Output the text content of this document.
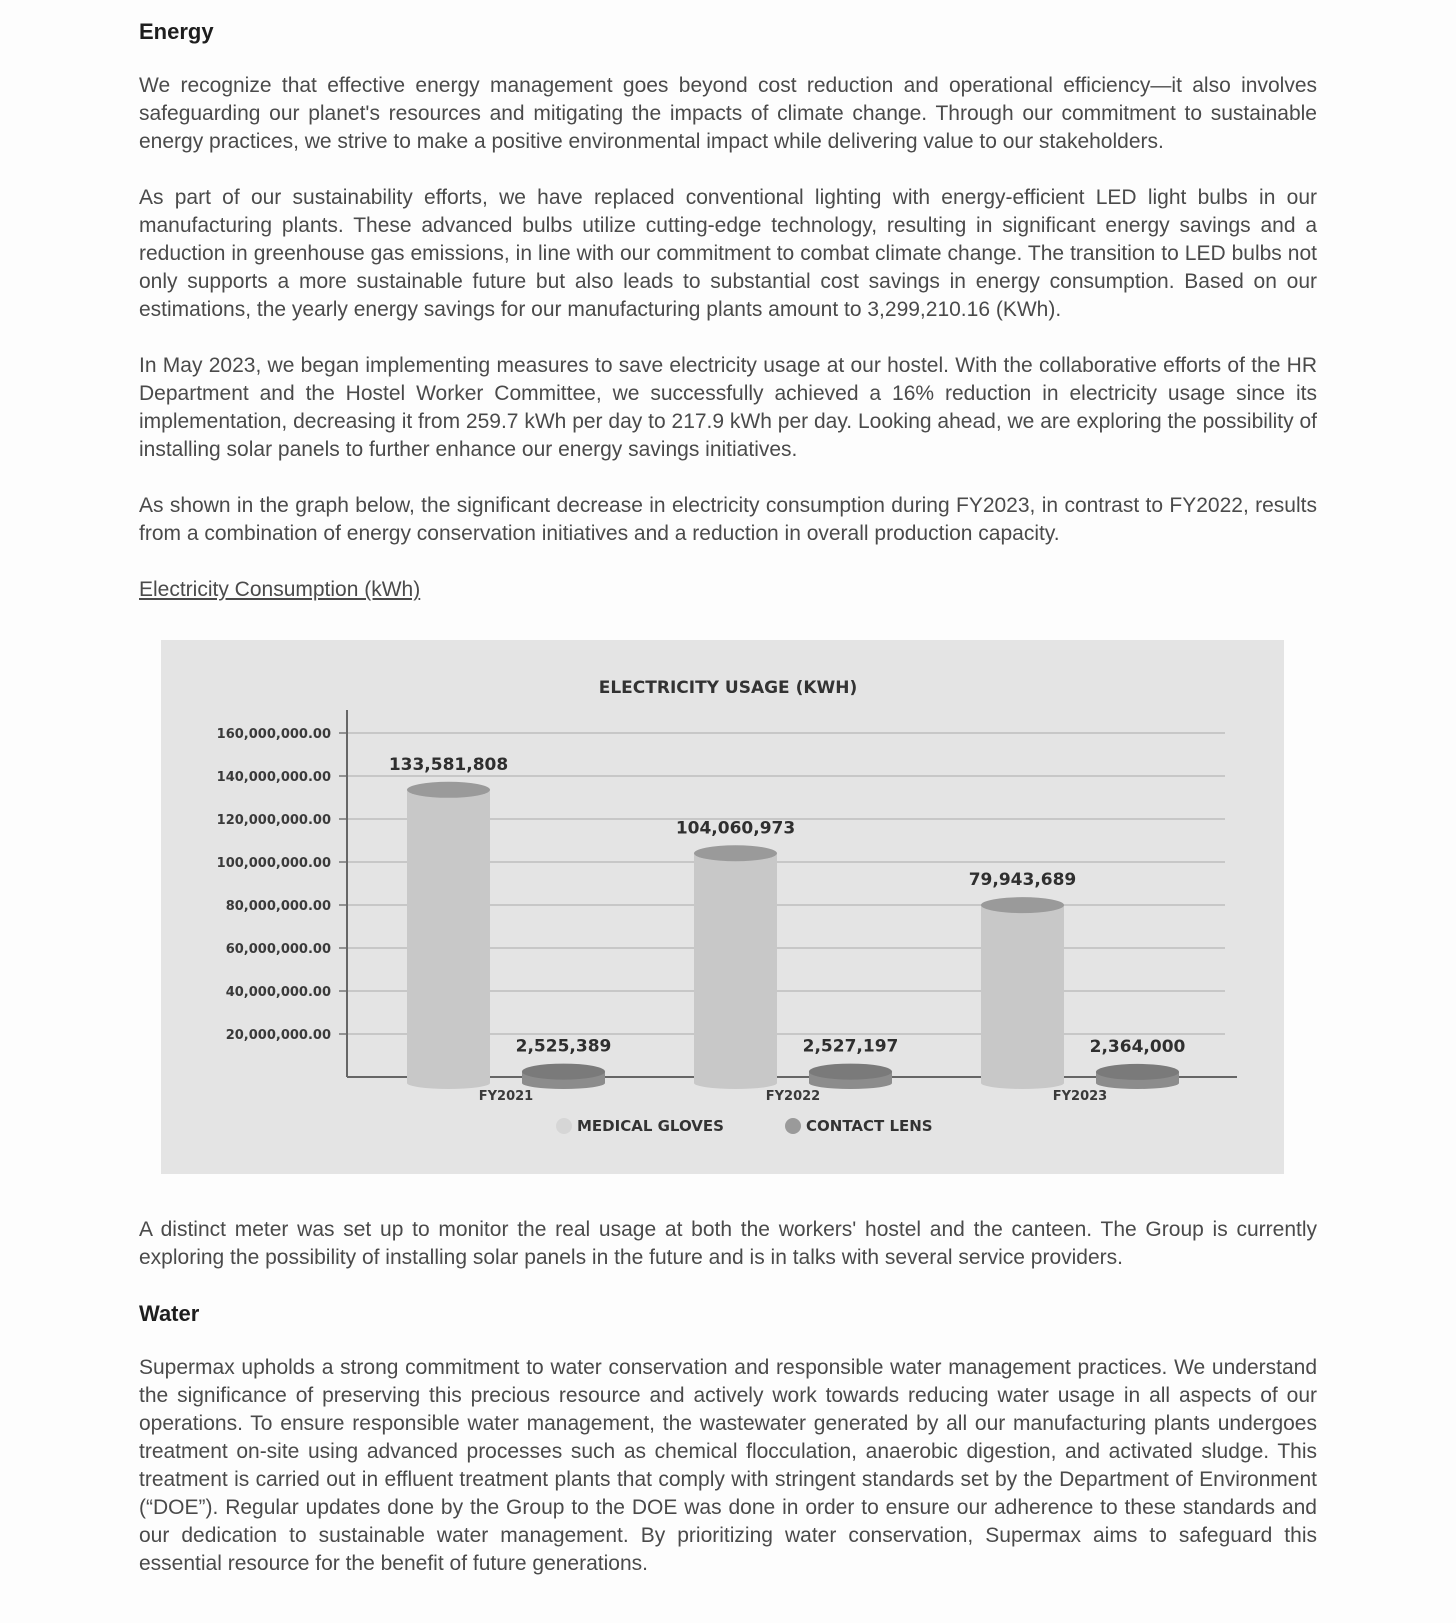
Energy

We recognize that effective energy management goes beyond cost reduction and operational efficiency—it also involves safeguarding our planet's resources and mitigating the impacts of climate change. Through our commitment to sustainable energy practices, we strive to make a positive environmental impact while delivering value to our stakeholders.

As part of our sustainability efforts, we have replaced conventional lighting with energy-efficient LED light bulbs in our manufacturing plants. These advanced bulbs utilize cutting-edge technology, resulting in significant energy savings and a reduction in greenhouse gas emissions, in line with our commitment to combat climate change. The transition to LED bulbs not only supports a more sustainable future but also leads to substantial cost savings in energy consumption. Based on our estimations, the yearly energy savings for our manufacturing plants amount to 3,299,210.16 (KWh).

In May 2023, we began implementing measures to save electricity usage at our hostel. With the collaborative efforts of the HR Department and the Hostel Worker Committee, we successfully achieved a 16% reduction in electricity usage since its implementation, decreasing it from 259.7 kWh per day to 217.9 kWh per day. Looking ahead, we are exploring the possibility of installing solar panels to further enhance our energy savings initiatives.

As shown in the graph below, the significant decrease in electricity consumption during FY2023, in contrast to FY2022, results from a combination of energy conservation initiatives and a reduction in overall production capacity.

Electricity Consumption (kWh)
ELECTRICITY USAGE (KWH)
20,000,000.00
40,000,000.00
60,000,000.00
80,000,000.00
100,000,000.00
120,000,000.00
140,000,000.00
160,000,000.00
133,581,808
2,525,389
FY2021
104,060,973
2,527,197
FY2022
79,943,689
2,364,000
FY2023
MEDICAL GLOVES	CONTACT LENS

A distinct meter was set up to monitor the real usage at both the workers' hostel and the canteen. The Group is currently exploring the possibility of installing solar panels in the future and is in talks with several service providers.

Water

Supermax upholds a strong commitment to water conservation and responsible water management practices. We understand the significance of preserving this precious resource and actively work towards reducing water usage in all aspects of our operations. To ensure responsible water management, the wastewater generated by all our manufacturing plants undergoes treatment on-site using advanced processes such as chemical flocculation, anaerobic digestion, and activated sludge. This treatment is carried out in effluent treatment plants that comply with stringent standards set by the Department of Environment (“DOE”). Regular updates done by the Group to the DOE was done in order to ensure our adherence to these standards and our dedication to sustainable water management. By prioritizing water conservation, Supermax aims to safeguard this essential resource for the benefit of future generations.
